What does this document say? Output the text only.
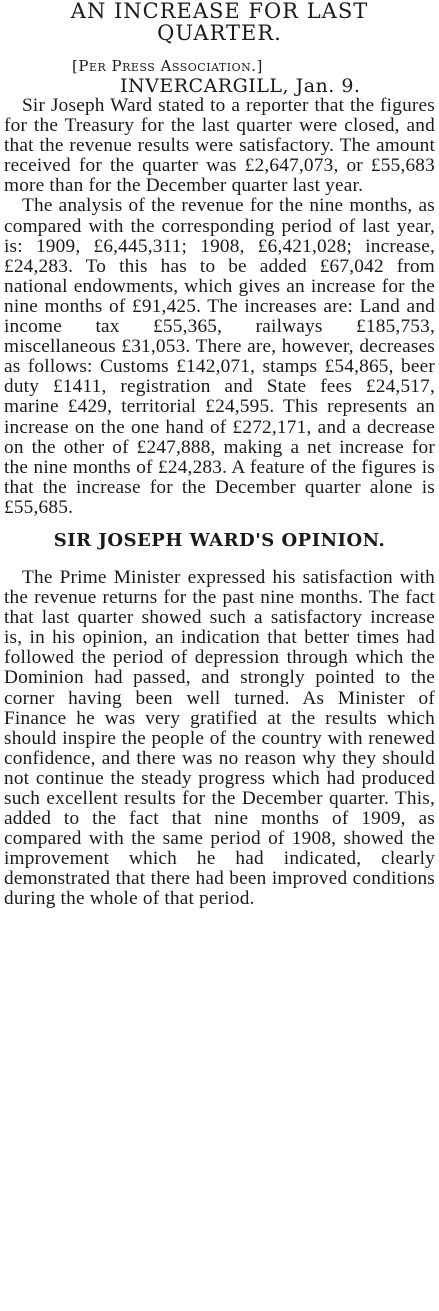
AN INCREASE FOR LAST
QUARTER.

[Per Press Association.]

INVERCARGILL, Jan. 9.

Sir Joseph Ward stated to a reporter that the figures for the Treasury for the last quarter were closed, and that the revenue results were satisfactory. The amount received for the quarter was £2,647,073, or £55,683 more than for the December quarter last year.

The analysis of the revenue for the nine months, as compared with the corresponding period of last year, is: 1909, £6,445,311; 1908, £6,421,028; increase, £24,283. To this has to be added £67,042 from national endowments, which gives an increase for the nine months of £91,425. The increases are: Land and income tax £55,365, railways £185,753, miscellaneous £31,053. There are, however, decreases as follows: Customs £142,071, stamps £54,865, beer duty £1411, registration and State fees £24,517, marine £429, territorial £24,595. This represents an increase on the one hand of £272,171, and a decrease on the other of £247,888, making a net increase for the nine months of £24,283. A feature of the figures is that the increase for the December quarter alone is £55,685.

SIR JOSEPH WARD'S OPINION.

The Prime Minister expressed his satisfaction with the revenue returns for the past nine months. The fact that last quarter showed such a satisfactory increase is, in his opinion, an indication that better times had followed the period of depression through which the Dominion had passed, and strongly pointed to the corner having been well turned. As Minister of Finance he was very gratified at the results which should inspire the people of the country with renewed confidence, and there was no reason why they should not continue the steady progress which had produced such excellent results for the December quarter. This, added to the fact that nine months of 1909, as compared with the same period of 1908, showed the improvement which he had indicated, clearly demonstrated that there had been improved conditions during the whole of that period.
